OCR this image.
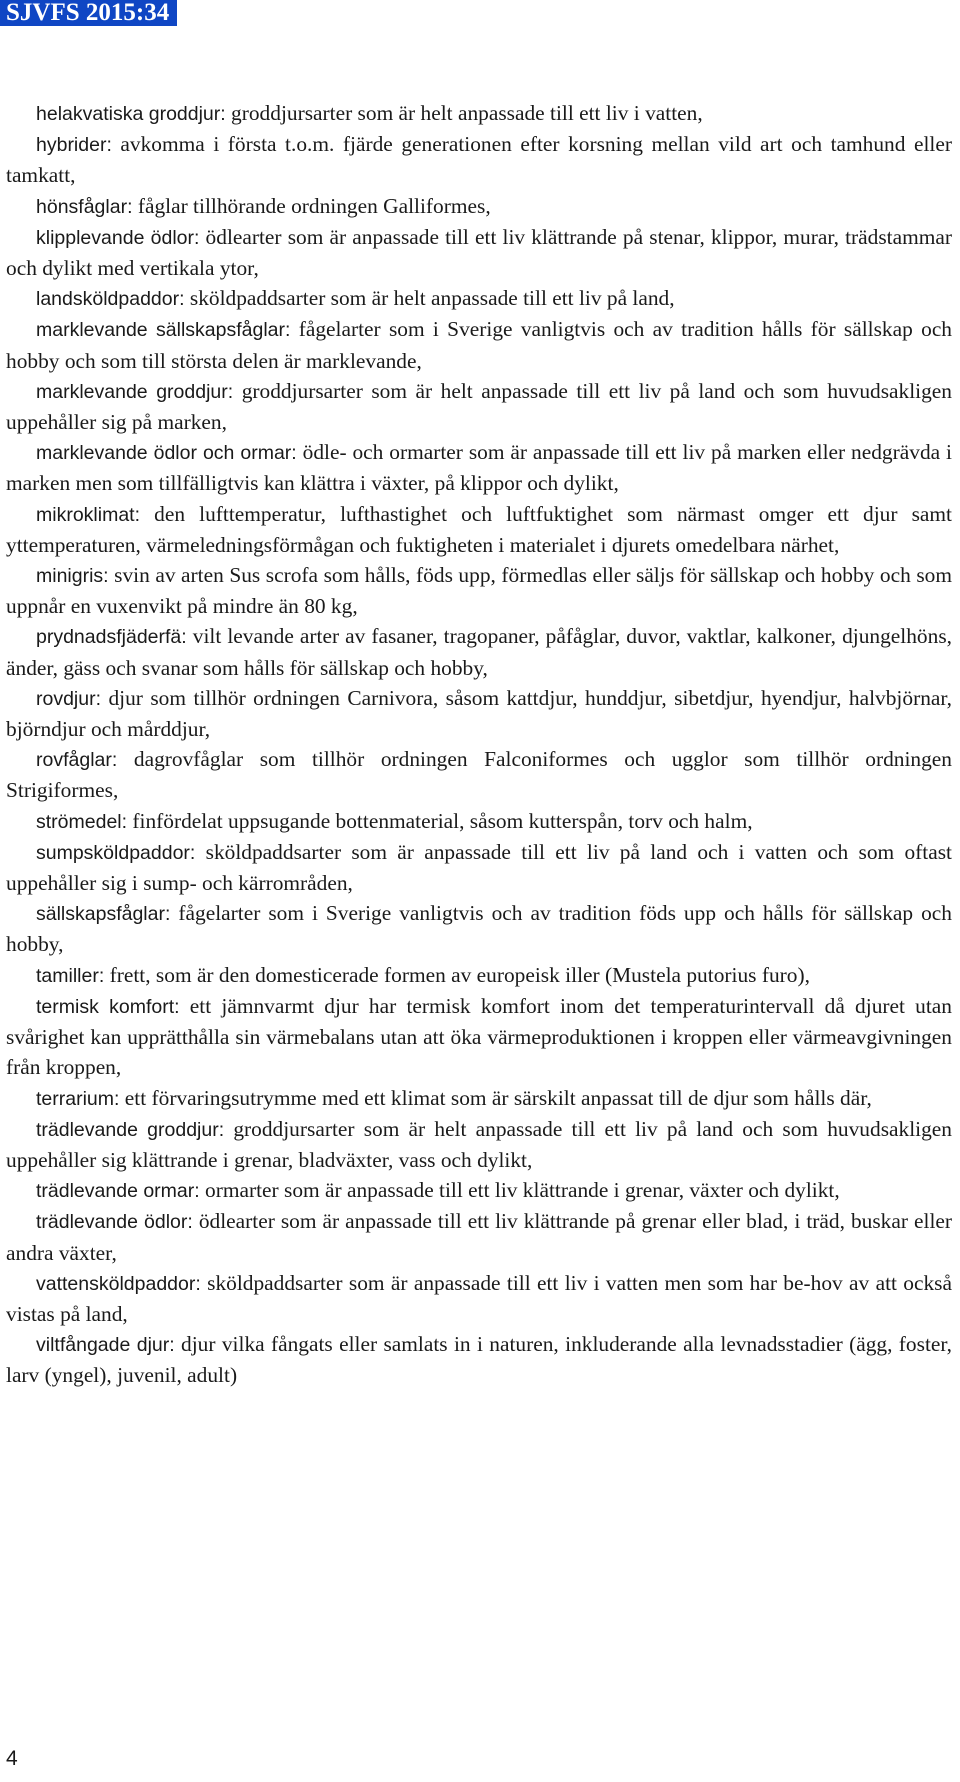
SJVFS 2015:34

helakvatiska groddjur: groddjursarter som är helt anpassade till ett liv i vatten,

hybrider: avkomma i första t.o.m. fjärde generationen efter korsning mellan vild art och tamhund eller tamkatt,

hönsfåglar: fåglar tillhörande ordningen Galliformes,

klipplevande ödlor: ödlearter som är anpassade till ett liv klättrande på stenar, klippor, murar, trädstammar och dylikt med vertikala ytor,

landsköldpaddor: sköldpaddsarter som är helt anpassade till ett liv på land,

marklevande sällskapsfåglar: fågelarter som i Sverige vanligtvis och av tradition hålls för sällskap och hobby och som till största delen är marklevande,

marklevande groddjur: groddjursarter som är helt anpassade till ett liv på land och som huvudsakligen uppehåller sig på marken,

marklevande ödlor och ormar: ödle- och ormarter som är anpassade till ett liv på marken eller nedgrävda i marken men som tillfälligtvis kan klättra i växter, på klippor och dylikt,

mikroklimat: den lufttemperatur, lufthastighet och luftfuktighet som närmast omger ett djur samt yttemperaturen, värmeledningsförmågan och fuktigheten i materialet i djurets omedelbara närhet,

minigris: svin av arten Sus scrofa som hålls, föds upp, förmedlas eller säljs för sällskap och hobby och som uppnår en vuxenvikt på mindre än 80 kg,

prydnadsfjäderfä: vilt levande arter av fasaner, tragopaner, påfåglar, duvor, vaktlar, kalkoner, djungelhöns, änder, gäss och svanar som hålls för sällskap och hobby,

rovdjur: djur som tillhör ordningen Carnivora, såsom kattdjur, hunddjur, sibetdjur, hyendjur, halvbjörnar, björndjur och mårddjur,

rovfåglar: dagrovfåglar som tillhör ordningen Falconiformes och ugglor som tillhör ordningen Strigiformes,

strömedel: finfördelat uppsugande bottenmaterial, såsom kutterspån, torv och halm,

sumpsköldpaddor: sköldpaddsarter som är anpassade till ett liv på land och i vatten och som oftast uppehåller sig i sump- och kärrområden,

sällskapsfåglar: fågelarter som i Sverige vanligtvis och av tradition föds upp och hålls för sällskap och hobby,

tamiller: frett, som är den domesticerade formen av europeisk iller (Mustela putorius furo),

termisk komfort: ett jämnvarmt djur har termisk komfort inom det temperaturintervall då djuret utan svårighet kan upprätthålla sin värmebalans utan att öka värmeproduktionen i kroppen eller värmeavgivningen från kroppen,

terrarium: ett förvaringsutrymme med ett klimat som är särskilt anpassat till de djur som hålls där,

trädlevande groddjur: groddjursarter som är helt anpassade till ett liv på land och som huvudsakligen uppehåller sig klättrande i grenar, bladväxter, vass och dylikt,

trädlevande ormar: ormarter som är anpassade till ett liv klättrande i grenar, växter och dylikt,

trädlevande ödlor: ödlearter som är anpassade till ett liv klättrande på grenar eller blad, i träd, buskar eller andra växter,

vattensköldpaddor: sköldpaddsarter som är anpassade till ett liv i vatten men som har be-hov av att också vistas på land,

viltfångade djur: djur vilka fångats eller samlats in i naturen, inkluderande alla levnadsstadier (ägg, foster, larv (yngel), juvenil, adult)

4
